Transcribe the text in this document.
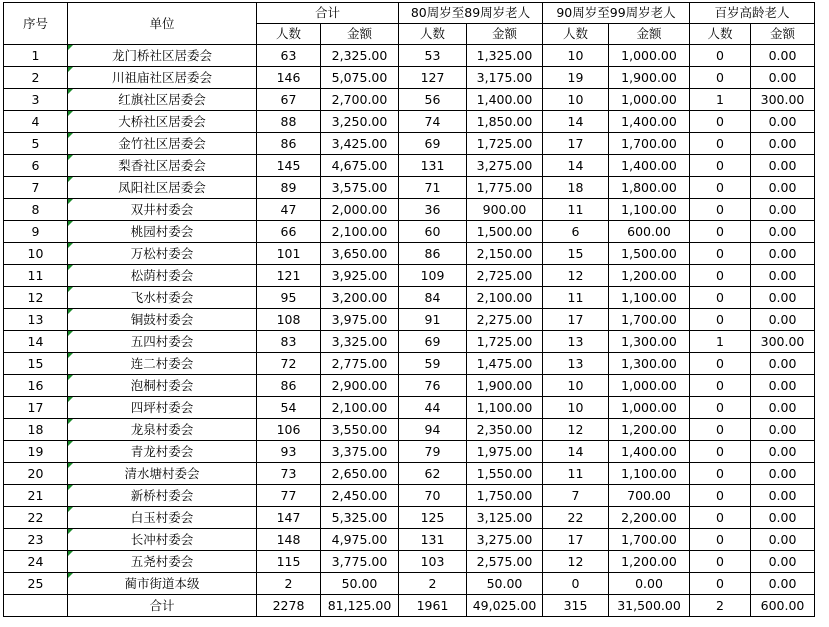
序号	单位	合计		80周岁至89周岁老人		90周岁至99周岁老人		百岁高龄老人	
		人数	金额	人数	金额	人数	金额	人数	金额
1	龙门桥社区居委会	63	2,325.00	53	1,325.00	10	1,000.00	0	0.00
2	川祖庙社区居委会	146	5,075.00	127	3,175.00	19	1,900.00	0	0.00
3	红旗社区居委会	67	2,700.00	56	1,400.00	10	1,000.00	1	300.00
4	大桥社区居委会	88	3,250.00	74	1,850.00	14	1,400.00	0	0.00
5	金竹社区居委会	86	3,425.00	69	1,725.00	17	1,700.00	0	0.00
6	梨香社区居委会	145	4,675.00	131	3,275.00	14	1,400.00	0	0.00
7	凤阳社区居委会	89	3,575.00	71	1,775.00	18	1,800.00	0	0.00
8	双井村委会	47	2,000.00	36	900.00	11	1,100.00	0	0.00
9	桃园村委会	66	2,100.00	60	1,500.00	6	600.00	0	0.00
10	万松村委会	101	3,650.00	86	2,150.00	15	1,500.00	0	0.00
11	松荫村委会	121	3,925.00	109	2,725.00	12	1,200.00	0	0.00
12	飞水村委会	95	3,200.00	84	2,100.00	11	1,100.00	0	0.00
13	铜鼓村委会	108	3,975.00	91	2,275.00	17	1,700.00	0	0.00
14	五四村委会	83	3,325.00	69	1,725.00	13	1,300.00	1	300.00
15	连二村委会	72	2,775.00	59	1,475.00	13	1,300.00	0	0.00
16	泡桐村委会	86	2,900.00	76	1,900.00	10	1,000.00	0	0.00
17	四坪村委会	54	2,100.00	44	1,100.00	10	1,000.00	0	0.00
18	龙泉村委会	106	3,550.00	94	2,350.00	12	1,200.00	0	0.00
19	青龙村委会	93	3,375.00	79	1,975.00	14	1,400.00	0	0.00
20	清水塘村委会	73	2,650.00	62	1,550.00	11	1,100.00	0	0.00
21	新桥村委会	77	2,450.00	70	1,750.00	7	700.00	0	0.00
22	白玉村委会	147	5,325.00	125	3,125.00	22	2,200.00	0	0.00
23	长冲村委会	148	4,975.00	131	3,275.00	17	1,700.00	0	0.00
24	五尧村委会	115	3,775.00	103	2,575.00	12	1,200.00	0	0.00
25	蔺市街道本级	2	50.00	2	50.00	0	0.00	0	0.00
	合计	2278	81,125.00	1961	49,025.00	315	31,500.00	2	600.00
